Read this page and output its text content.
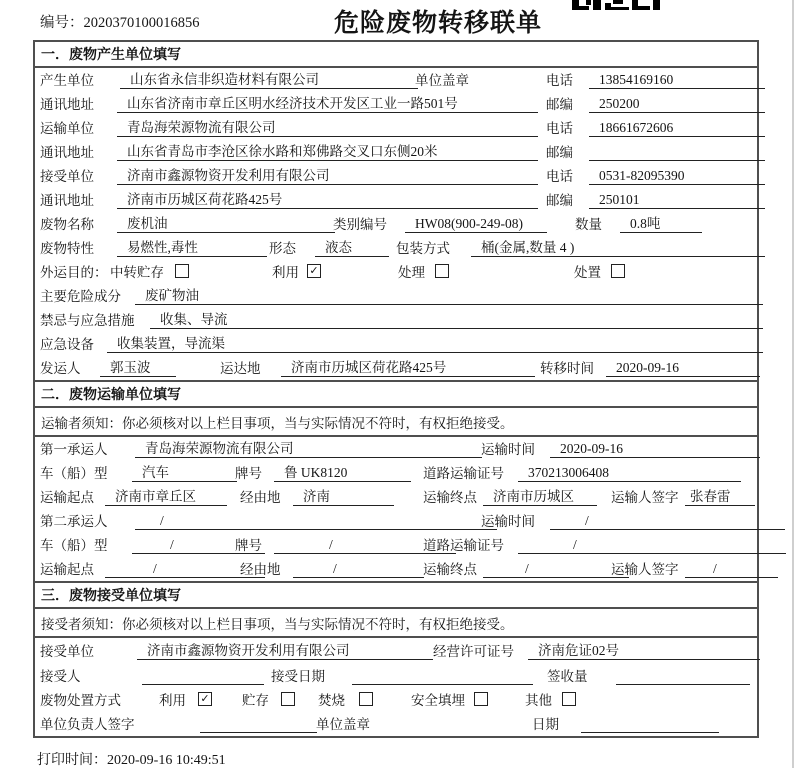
编号：2020370100016856	危险废物转移联单
一．废物产生单位填写
产生单位	山东省永信非织造材料有限公司	单位盖章	电话	13854169160
通讯地址	山东省济南市章丘区明水经济技术开发区工业一路501号	邮编	250200
运输单位	青岛海荣源物流有限公司	电话	18661672606
通讯地址	山东省青岛市李沧区徐水路和郑佛路交叉口东侧20米	邮编
接受单位	济南市鑫源物资开发利用有限公司	电话	0531-82095390
通讯地址	济南市历城区荷花路425号	邮编	250101
废物名称	废机油	类别编号	HW08(900-249-08)	数量	0.8吨
废物特性	易燃性,毒性	形态	液态	包装方式	桶(金属,数量 4 )
外运目的： 中转贮存	利用 ✓	处理	处置
主要危险成分	废矿物油
禁忌与应急措施	收集、导流
应急设备	收集装置，导流渠
发运人	郭玉波	运达地	济南市历城区荷花路425号	转移时间	2020-09-16
二．废物运输单位填写
运输者须知：你必须核对以上栏目事项，当与实际情况不符时，有权拒绝接受。
第一承运人	青岛海荣源物流有限公司	运输时间	2020-09-16
车（船）型	汽车	牌号	鲁 UK8120	道路运输证号	370213006408
运输起点	济南市章丘区	经由地	济南	运输终点	济南市历城区	运输人签字 张春雷
第二承运人	/	运输时间	/
车（船）型	/	牌号	/	道路运输证号	/
运输起点	/	经由地	/	运输终点	/	运输人签字	/
三．废物接受单位填写
接受者须知：你必须核对以上栏目事项，当与实际情况不符时，有权拒绝接受。
接受单位	济南市鑫源物资开发利用有限公司	经营许可证号	济南危证02号
接受人	接受日期	签收量
废物处置方式	利用 ✓ 贮存	焚烧	安全填埋	其他
单位负责人签字	单位盖章	日期
打印时间：2020-09-16 10:49:51
